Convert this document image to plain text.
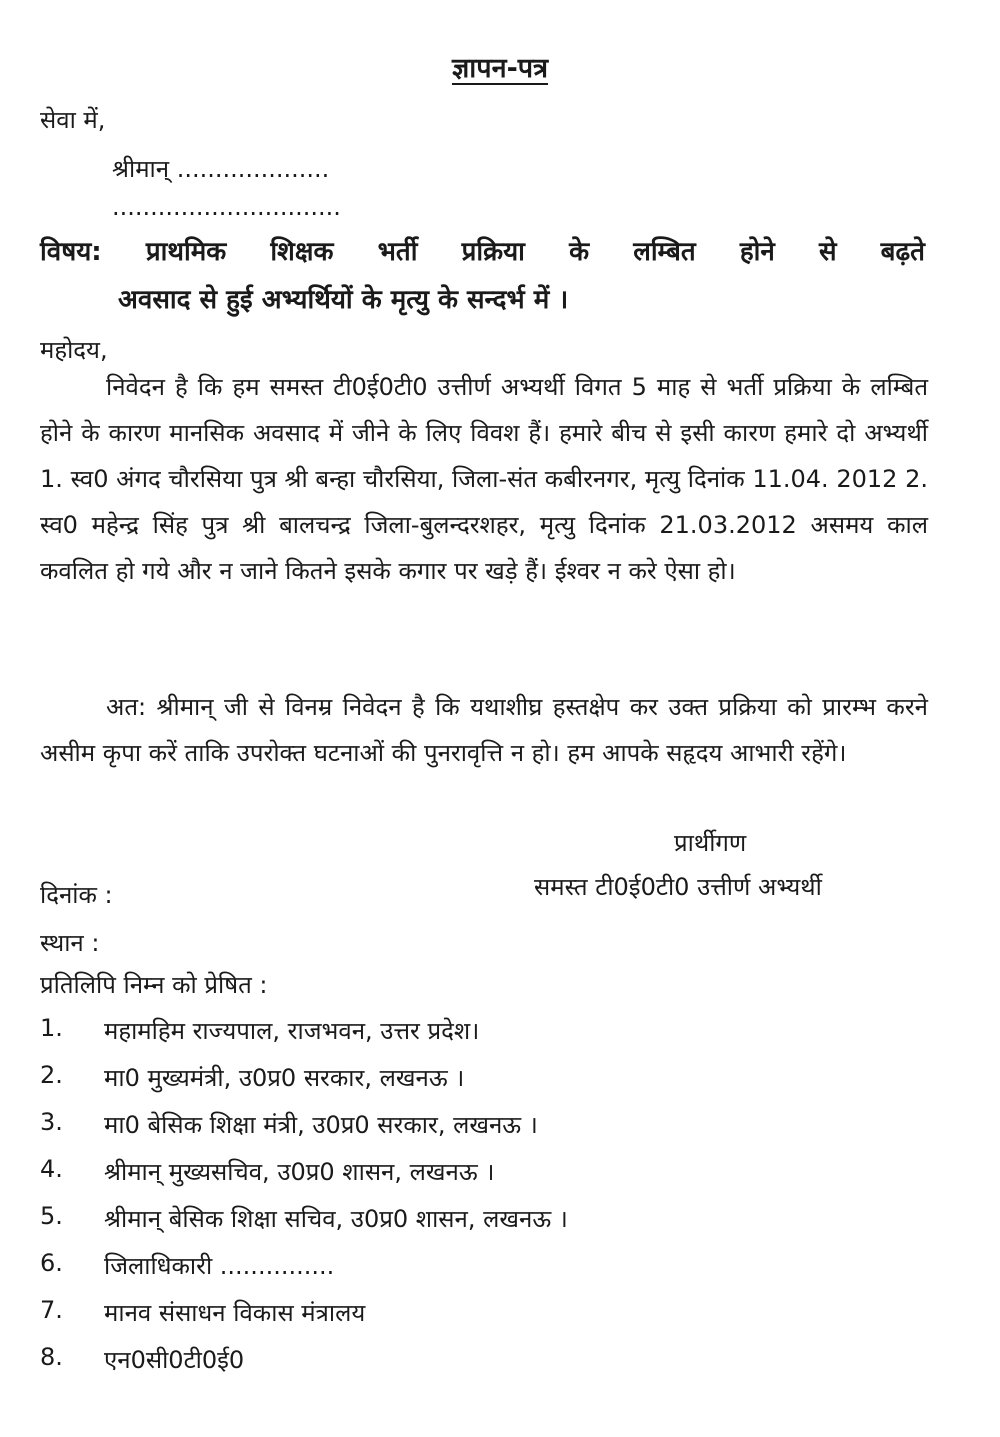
ज्ञापन-पत्र
सेवा में,
श्रीमान् ....................
..............................
विषय: प्राथमिक शिक्षक भर्ती प्रक्रिया के लम्बित होने से बढ़ते
अवसाद से हुई अभ्यर्थियों के मृत्यु के सन्दर्भ में ।
महोदय,
निवेदन है कि हम समस्त टी0ई0टी0 उत्तीर्ण अभ्यर्थी विगत 5 माह से भर्ती प्रक्रिया के लम्बित होने के कारण मानसिक अवसाद में जीने के लिए विवश हैं। हमारे बीच से इसी कारण हमारे दो अभ्यर्थी 1. स्व0 अंगद चौरसिया पुत्र श्री बन्हा चौरसिया, जिला-संत कबीरनगर, मृत्यु दिनांक 11.04. 2012 2. स्व0 महेन्द्र सिंह पुत्र श्री बालचन्द्र जिला-बुलन्दरशहर, मृत्यु दिनांक 21.03.2012 असमय काल कवलित हो गये और न जाने कितने इसके कगार पर खड़े हैं। ईश्वर न करे ऐसा हो।
अत: श्रीमान् जी से विनम्र निवेदन है कि यथाशीघ्र हस्तक्षेप कर उक्त प्रक्रिया को प्रारम्भ करने असीम कृपा करें ताकि उपरोक्त घटनाओं की पुनरावृत्ति न हो। हम आपके सहृदय आभारी रहेंगे।
प्रार्थीगण
दिनांक :	समस्त टी0ई0टी0 उत्तीर्ण अभ्यर्थी
स्थान :
प्रतिलिपि निम्न को प्रेषित :
1. महामहिम राज्यपाल, राजभवन, उत्तर प्रदेश।
2. मा0 मुख्यमंत्री, उ0प्र0 सरकार, लखनऊ ।
3. मा0 बेसिक शिक्षा मंत्री, उ0प्र0 सरकार, लखनऊ ।
4. श्रीमान् मुख्यसचिव, उ0प्र0 शासन, लखनऊ ।
5. श्रीमान् बेसिक शिक्षा सचिव, उ0प्र0 शासन, लखनऊ ।
6. जिलाधिकारी ...............
7. मानव संसाधन विकास मंत्रालय
8. एन0सी0टी0ई0
